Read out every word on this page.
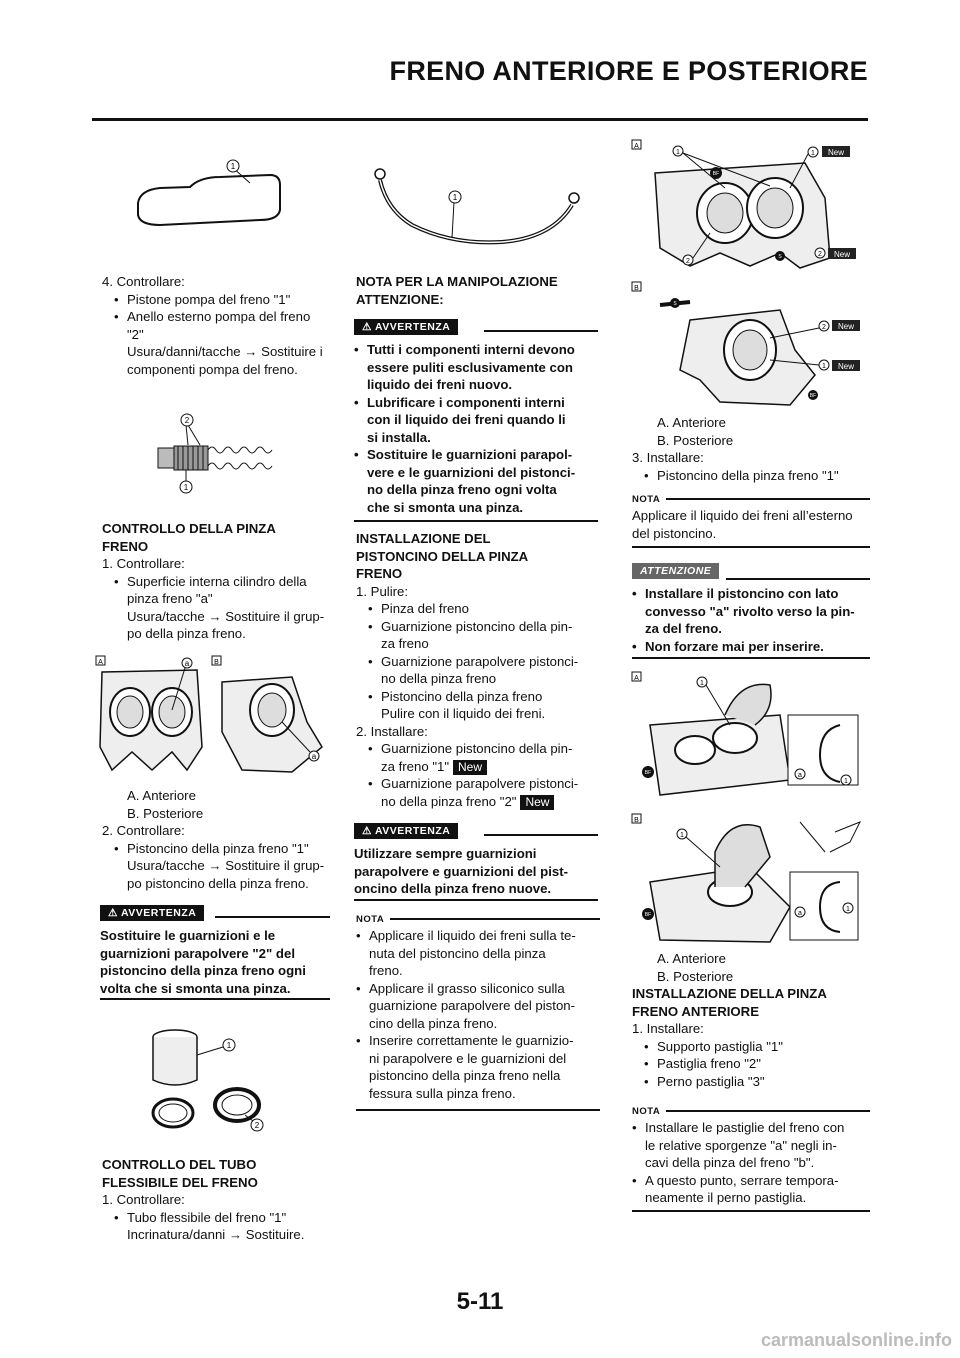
FRENO ANTERIORE E POSTERIORE
1
4. Controllare:
• Pistone pompa del freno "1"
• Anello esterno pompa del freno
"2"
Usura/danni/tacche → Sostituire i
componenti pompa del freno.
2
1
CONTROLLO DELLA PINZA
FRENO
1. Controllare:
• Superficie interna cilindro della
pinza freno "a"
Usura/tacche → Sostituire il grup-
po della pinza freno.
A	B
a
a
A. Anteriore
B. Posteriore
2. Controllare:
• Pistoncino della pinza freno "1"
Usura/tacche → Sostituire il grup-
po pistoncino della pinza freno.
⚠ AVVERTENZA
Sostituire le guarnizioni e le
guarnizioni parapolvere "2" del
pistoncino della pinza freno ogni
volta che si smonta una pinza.
1
2
CONTROLLO DEL TUBO
FLESSIBILE DEL FRENO
1. Controllare:
• Tubo flessibile del freno "1"
Incrinatura/danni → Sostituire.
1
NOTA PER LA MANIPOLAZIONE
ATTENZIONE:
⚠ AVVERTENZA
• Tutti i componenti interni devono
essere puliti esclusivamente con
liquido dei freni nuovo.
• Lubrificare i componenti interni
con il liquido dei freni quando li
si installa.
• Sostituire le guarnizioni parapol-
vere e le guarnizioni del pistonci-
no della pinza freno ogni volta
che si smonta una pinza.
INSTALLAZIONE DEL
PISTONCINO DELLA PINZA
FRENO
1. Pulire:
• Pinza del freno
• Guarnizione pistoncino della pin-
za freno
• Guarnizione parapolvere pistonci-
no della pinza freno
• Pistoncino della pinza freno
Pulire con il liquido dei freni.
2. Installare:
• Guarnizione pistoncino della pin-
za freno "1" New
• Guarnizione parapolvere pistonci-
no della pinza freno "2" New
⚠ AVVERTENZA
Utilizzare sempre guarnizioni
parapolvere e guarnizioni del pist-
oncino della pinza freno nuove.
NOTA
• Applicare il liquido dei freni sulla te-
nuta del pistoncino della pinza
freno.
• Applicare il grasso siliconico sulla
guarnizione parapolvere del piston-
cino della pinza freno.
• Inserire correttamente le guarnizio-
ni parapolvere e le guarnizioni del
pistoncino della pinza freno nella
fessura sulla pinza freno.
A
BF
S
1	1 New
2
2 New
B
S
BF
2 New
1 New
A. Anteriore
B. Posteriore
3. Installare:
• Pistoncino della pinza freno "1"
NOTA
Applicare il liquido dei freni all’esterno
del pistoncino.
ATTENZIONE
• Installare il pistoncino con lato
convesso "a" rivolto verso la pin-
za del freno.
• Non forzare mai per inserire.
A
BF
1
a
1
B
BF
1
a
1
A. Anteriore
B. Posteriore
INSTALLAZIONE DELLA PINZA
FRENO ANTERIORE
1. Installare:
• Supporto pastiglia "1"
• Pastiglia freno "2"
• Perno pastiglia "3"
NOTA
• Installare le pastiglie del freno con
le relative sporgenze "a" negli in-
cavi della pinza del freno "b".
• A questo punto, serrare tempora-
neamente il perno pastiglia.
5-11
carmanualsonline.info
